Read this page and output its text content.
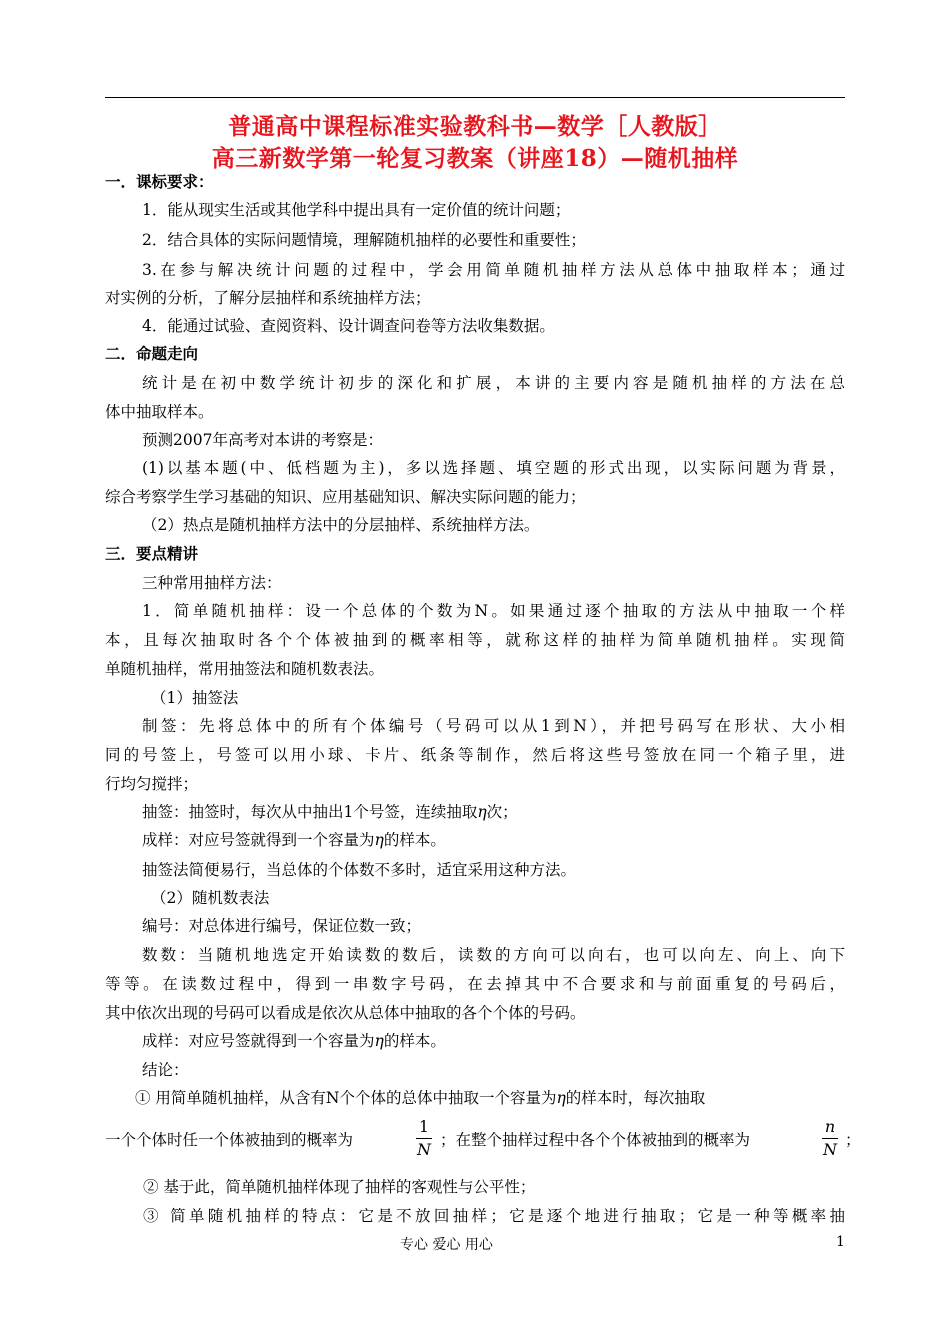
普通高中课程标准实验教科书—数学［人教版］
高三新数学第一轮复习教案（讲座18）—随机抽样
一．课标要求：
1．能从现实生活或其他学科中提出具有一定价值的统计问题；
2．结合具体的实际问题情境，理解随机抽样的必要性和重要性；
3.在参与解决统计问题的过程中，学会用简单随机抽样方法从总体中抽取样本；通过
对实例的分析，了解分层抽样和系统抽样方法；
4．能通过试验、查阅资料、设计调查问卷等方法收集数据。
二．命题走向
统计是在初中数学统计初步的深化和扩展，本讲的主要内容是随机抽样的方法在总
体中抽取样本。
预测2007年高考对本讲的考察是：
(1)以基本题(中、低档题为主)，多以选择题、填空题的形式出现，以实际问题为背景，
综合考察学生学习基础的知识、应用基础知识、解决实际问题的能力；
（2）热点是随机抽样方法中的分层抽样、系统抽样方法。
三．要点精讲
三种常用抽样方法：
1．简单随机抽样：设一个总体的个数为N。如果通过逐个抽取的方法从中抽取一个样
本，且每次抽取时各个个体被抽到的概率相等，就称这样的抽样为简单随机抽样。实现简
单随机抽样，常用抽签法和随机数表法。
（1）抽签法
制签：先将总体中的所有个体编号（号码可以从1到N），并把号码写在形状、大小相
同的号签上，号签可以用小球、卡片、纸条等制作，然后将这些号签放在同一个箱子里，进
行均匀搅拌；
抽签：抽签时，每次从中抽出1个号签，连续抽取η次；
成样：对应号签就得到一个容量为η的样本。
抽签法简便易行，当总体的个体数不多时，适宜采用这种方法。
（2）随机数表法
编号：对总体进行编号，保证位数一致；
数数：当随机地选定开始读数的数后，读数的方向可以向右，也可以向左、向上、向下
等等。在读数过程中，得到一串数字号码，在去掉其中不合要求和与前面重复的号码后，
其中依次出现的号码可以看成是依次从总体中抽取的各个个体的号码。
成样：对应号签就得到一个容量为η的样本。
结论：
① 用简单随机抽样，从含有N个个体的总体中抽取一个容量为η的样本时，每次抽取
一个个体时任一个体被抽到的概率为
1
N ；在整个抽样过程中各个个体被抽到的概率为
n
N ；
② 基于此，简单随机抽样体现了抽样的客观性与公平性；
③ 简单随机抽样的特点：它是不放回抽样；它是逐个地进行抽取；它是一种等概率抽
专心 爱心 用心	1
